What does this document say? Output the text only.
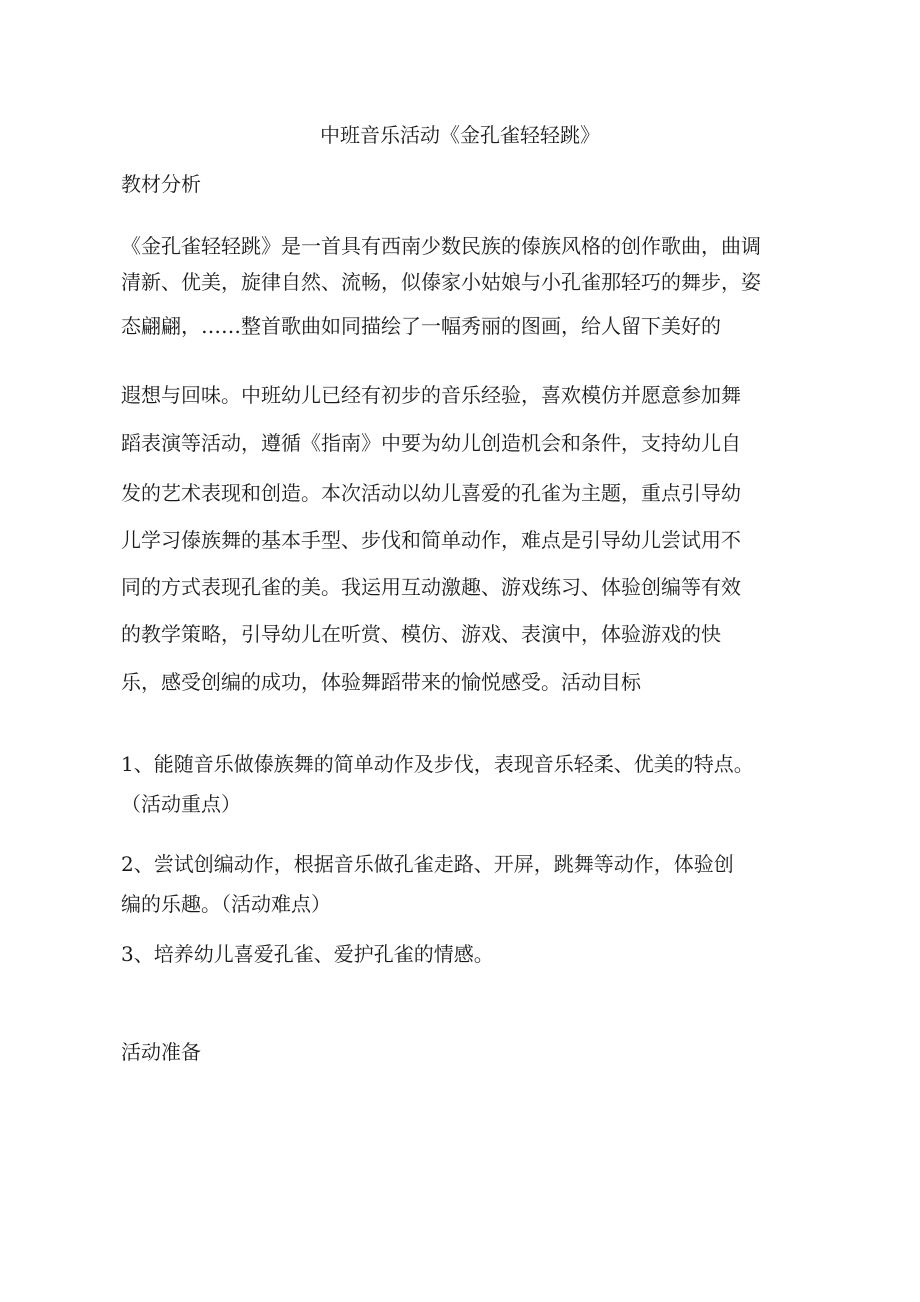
中班音乐活动《金孔雀轻轻跳》
教材分析
《金孔雀轻轻跳》是一首具有西南少数民族的傣族风格的创作歌曲，曲调
清新、优美，旋律自然、流畅，似傣家小姑娘与小孔雀那轻巧的舞步，姿
态翩翩，……整首歌曲如同描绘了一幅秀丽的图画，给人留下美好的
遐想与回味。中班幼儿已经有初步的音乐经验，喜欢模仿并愿意参加舞
蹈表演等活动，遵循《指南》中要为幼儿创造机会和条件，支持幼儿自
发的艺术表现和创造。本次活动以幼儿喜爱的孔雀为主题，重点引导幼
儿学习傣族舞的基本手型、步伐和简单动作，难点是引导幼儿尝试用不
同的方式表现孔雀的美。我运用互动激趣、游戏练习、体验创编等有效
的教学策略，引导幼儿在听赏、模仿、游戏、表演中，体验游戏的快
乐，感受创编的成功，体验舞蹈带来的愉悦感受。活动目标
1、能随音乐做傣族舞的简单动作及步伐，表现音乐轻柔、优美的特点。
（活动重点）
2、尝试创编动作，根据音乐做孔雀走路、开屏，跳舞等动作，体验创
编的乐趣。（活动难点）
3、培养幼儿喜爱孔雀、爱护孔雀的情感。
活动准备
